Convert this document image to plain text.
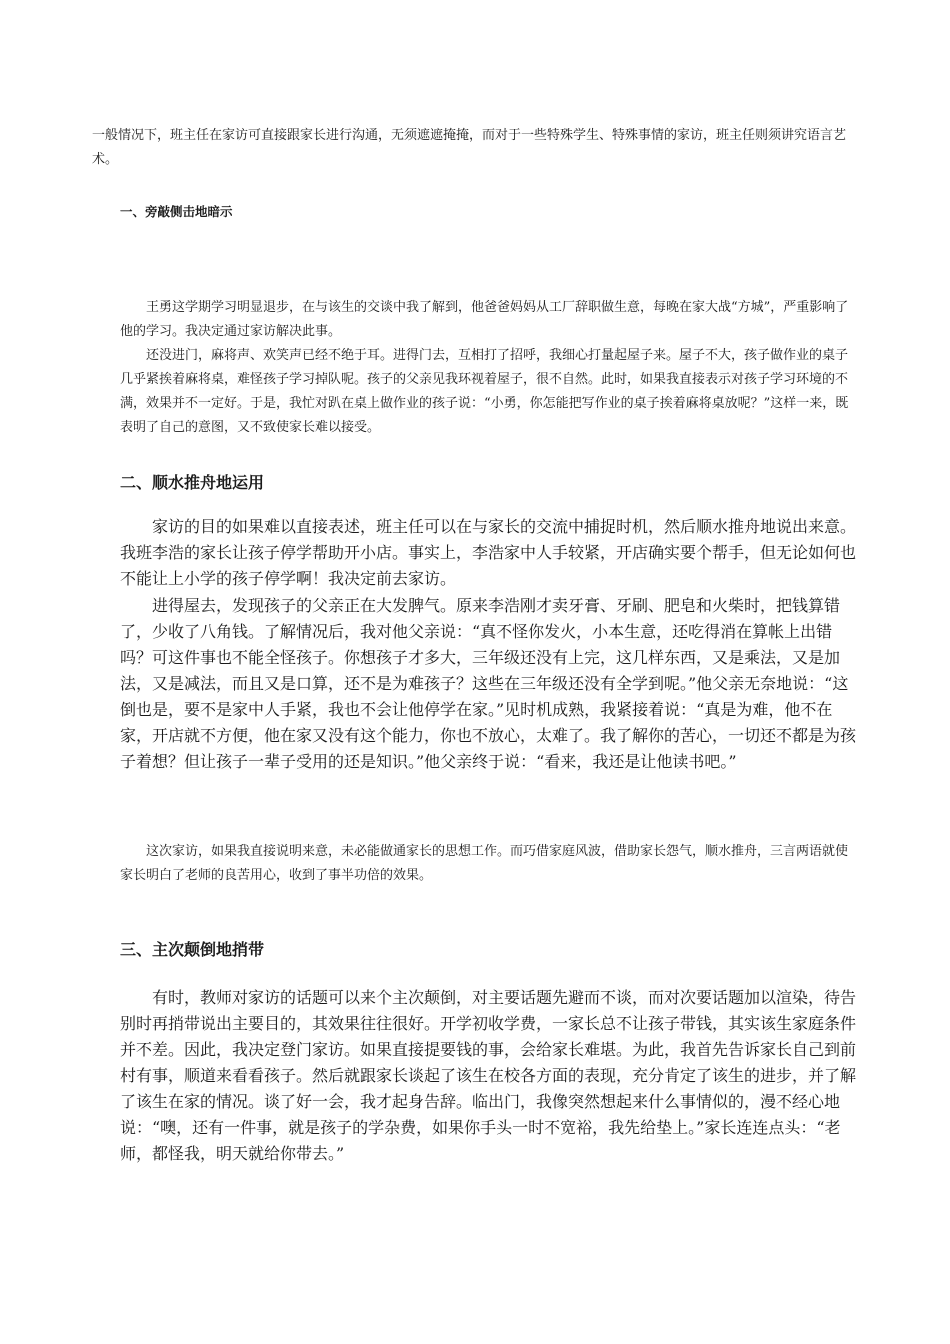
一般情况下，班主任在家访可直接跟家长进行沟通，无须遮遮掩掩，而对于一些特殊学生、特殊事情的家访，班主任则须讲究语言艺术。

一、旁敲侧击地暗示

王勇这学期学习明显退步，在与该生的交谈中我了解到，他爸爸妈妈从工厂辞职做生意，每晚在家大战“方城”，严重影响了他的学习。我决定通过家访解决此事。

还没进门，麻将声、欢笑声已经不绝于耳。进得门去，互相打了招呼，我细心打量起屋子来。屋子不大，孩子做作业的桌子几乎紧挨着麻将桌，难怪孩子学习掉队呢。孩子的父亲见我环视着屋子，很不自然。此时，如果我直接表示对孩子学习环境的不满，效果并不一定好。于是，我忙对趴在桌上做作业的孩子说：“小勇，你怎能把写作业的桌子挨着麻将桌放呢？”这样一来，既表明了自己的意图，又不致使家长难以接受。

二、顺水推舟地运用

家访的目的如果难以直接表述，班主任可以在与家长的交流中捕捉时机，然后顺水推舟地说出来意。我班李浩的家长让孩子停学帮助开小店。事实上，李浩家中人手较紧，开店确实要个帮手，但无论如何也不能让上小学的孩子停学啊！我决定前去家访。

进得屋去，发现孩子的父亲正在大发脾气。原来李浩刚才卖牙膏、牙刷、肥皂和火柴时，把钱算错了，少收了八角钱。了解情况后，我对他父亲说：“真不怪你发火，小本生意，还吃得消在算帐上出错吗？可这件事也不能全怪孩子。你想孩子才多大，三年级还没有上完，这几样东西，又是乘法，又是加法，又是减法，而且又是口算，还不是为难孩子？这些在三年级还没有全学到呢。”他父亲无奈地说：“这倒也是，要不是家中人手紧，我也不会让他停学在家。”见时机成熟，我紧接着说：“真是为难，他不在家，开店就不方便，他在家又没有这个能力，你也不放心，太难了。我了解你的苦心，一切还不都是为孩子着想？但让孩子一辈子受用的还是知识。”他父亲终于说：“看来，我还是让他读书吧。”

这次家访，如果我直接说明来意，未必能做通家长的思想工作。而巧借家庭风波，借助家长怨气，顺水推舟，三言两语就使家长明白了老师的良苦用心，收到了事半功倍的效果。

三、主次颠倒地捎带

有时，教师对家访的话题可以来个主次颠倒，对主要话题先避而不谈，而对次要话题加以渲染，待告别时再捎带说出主要目的，其效果往往很好。开学初收学费，一家长总不让孩子带钱，其实该生家庭条件并不差。因此，我决定登门家访。如果直接提要钱的事，会给家长难堪。为此，我首先告诉家长自己到前村有事，顺道来看看孩子。然后就跟家长谈起了该生在校各方面的表现，充分肯定了该生的进步，并了解了该生在家的情况。谈了好一会，我才起身告辞。临出门，我像突然想起来什么事情似的，漫不经心地说：“噢，还有一件事，就是孩子的学杂费，如果你手头一时不宽裕，我先给垫上。”家长连连点头：“老师，都怪我，明天就给你带去。”
